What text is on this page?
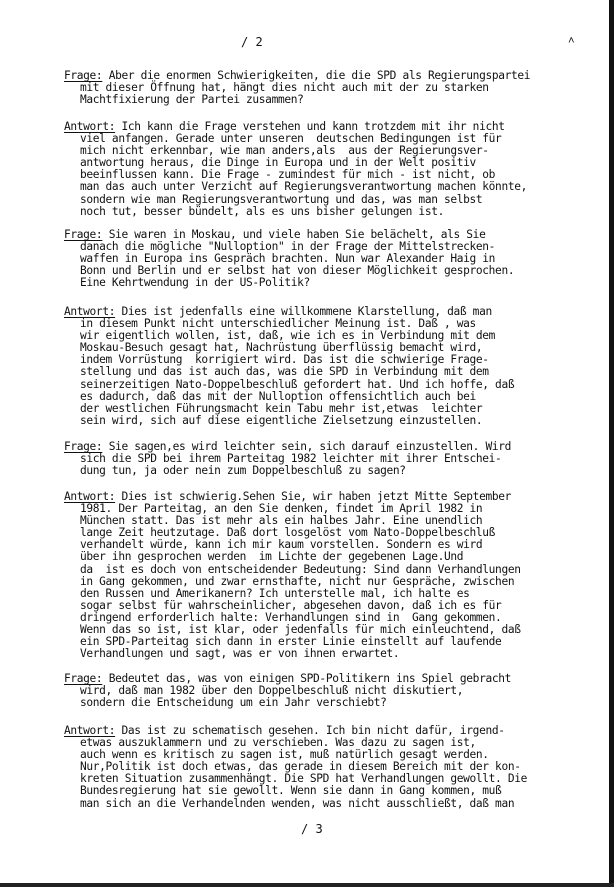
/ 2	˄
Frage: Aber die enormen Schwierigkeiten, die die SPD als Regierungspartei
mit dieser Öffnung hat, hängt dies nicht auch mit der zu starken
Machtfixierung der Partei zusammen?
Antwort: Ich kann die Frage verstehen und kann trotzdem mit ihr nicht
viel anfangen. Gerade unter unseren  deutschen Bedingungen ist für
mich nicht erkennbar, wie man anders,als  aus der Regierungsver-
antwortung heraus, die Dinge in Europa und in der Welt positiv
beeinflussen kann. Die Frage - zumindest für mich - ist nicht, ob
man das auch unter Verzicht auf Regierungsverantwortung machen könnte,
sondern wie man Regierungsverantwortung und das, was man selbst
noch tut, besser bündelt, als es uns bisher gelungen ist.
Frage: Sie waren in Moskau, und viele haben Sie belächelt, als Sie
danach die mögliche "Nulloption" in der Frage der Mittelstrecken-
waffen in Europa ins Gespräch brachten. Nun war Alexander Haig in
Bonn und Berlin und er selbst hat von dieser Möglichkeit gesprochen.
Eine Kehrtwendung in der US-Politik?
Antwort: Dies ist jedenfalls eine willkommene Klarstellung, daß man
in diesem Punkt nicht unterschiedlicher Meinung ist. Daß , was
wir eigentlich wollen, ist, daß, wie ich es in Verbindung mit dem
Moskau-Besuch gesagt hat, Nachrüstung überflüssig bemacht wird,
indem Vorrüstung  korrigiert wird. Das ist die schwierige Frage-
stellung und das ist auch das, was die SPD in Verbindung mit dem
seinerzeitigen Nato-Doppelbeschluß gefordert hat. Und ich hoffe, daß
es dadurch, daß das mit der Nulloption offensichtlich auch bei
der westlichen Führungsmacht kein Tabu mehr ist,etwas  leichter
sein wird, sich auf diese eigentliche Zielsetzung einzustellen.
Frage: Sie sagen,es wird leichter sein, sich darauf einzustellen. Wird
sich die SPD bei ihrem Parteitag 1982 leichter mit ihrer Entschei-
dung tun, ja oder nein zum Doppelbeschluß zu sagen?
Antwort: Dies ist schwierig.Sehen Sie, wir haben jetzt Mitte September
1981. Der Parteitag, an den Sie denken, findet im April 1982 in
München statt. Das ist mehr als ein halbes Jahr. Eine unendlich
lange Zeit heutzutage. Daß dort losgelöst vom Nato-Doppelbeschluß
verhandelt würde, kann ich mir kaum vorstellen. Sondern es wird
über ihn gesprochen werden  im Lichte der gegebenen Lage.Und
da  ist es doch von entscheidender Bedeutung: Sind dann Verhandlungen
in Gang gekommen, und zwar ernsthafte, nicht nur Gespräche, zwischen
den Russen und Amerikanern? Ich unterstelle mal, ich halte es
sogar selbst für wahrscheinlicher, abgesehen davon, daß ich es für
dringend erforderlich halte: Verhandlungen sind in  Gang gekommen.
Wenn das so ist, ist klar, oder jedenfalls für mich einleuchtend, daß
ein SPD-Parteitag sich dann in erster Linie einstellt auf laufende
Verhandlungen und sagt, was er von ihnen erwartet.
Frage: Bedeutet das, was von einigen SPD-Politikern ins Spiel gebracht
wird, daß man 1982 über den Doppelbeschluß nicht diskutiert,
sondern die Entscheidung um ein Jahr verschiebt?
Antwort: Das ist zu schematisch gesehen. Ich bin nicht dafür, irgend-
etwas auszuklammern und zu verschieben. Was dazu zu sagen ist,
auch wenn es kritisch zu sagen ist, muß natürlich gesagt werden.
Nur,Politik ist doch etwas, das gerade in diesem Bereich mit der kon-
kreten Situation zusammenhängt. Die SPD hat Verhandlungen gewollt. Die
Bundesregierung hat sie gewollt. Wenn sie dann in Gang kommen, muß
man sich an die Verhandelnden wenden, was nicht ausschließt, daß man
/ 3
